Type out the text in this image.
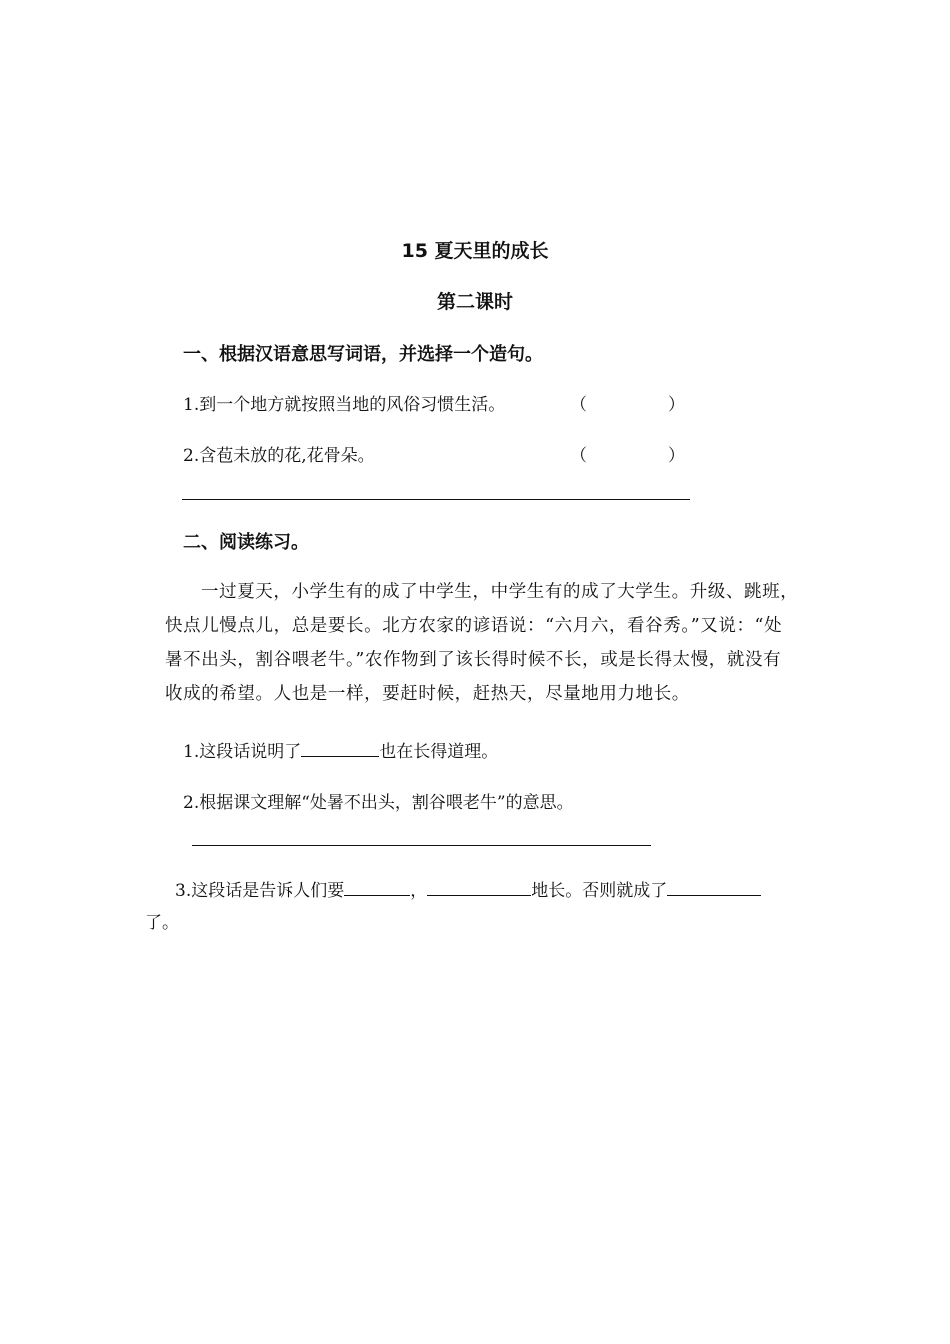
15 夏天里的成长
第二课时
一、根据汉语意思写词语，并选择一个造句。
1.到一个地方就按照当地的风俗习惯生活。	（	）
2.含苞未放的花,花骨朵。	（	）
二、阅读练习。
一过夏天，小学生有的成了中学生，中学生有的成了大学生。升级、跳班，
快点儿慢点儿，总是要长。北方农家的谚语说：“六月六，看谷秀。”又说：“处
暑不出头，割谷喂老牛。”农作物到了该长得时候不长，或是长得太慢，就没有
收成的希望。人也是一样，要赶时候，赶热天，尽量地用力地长。
1.这段话说明了	也在长得道理。
2.根据课文理解“处暑不出头，割谷喂老牛”的意思。
3.这段话是告诉人们要	，	地长。否则就成了
了。
